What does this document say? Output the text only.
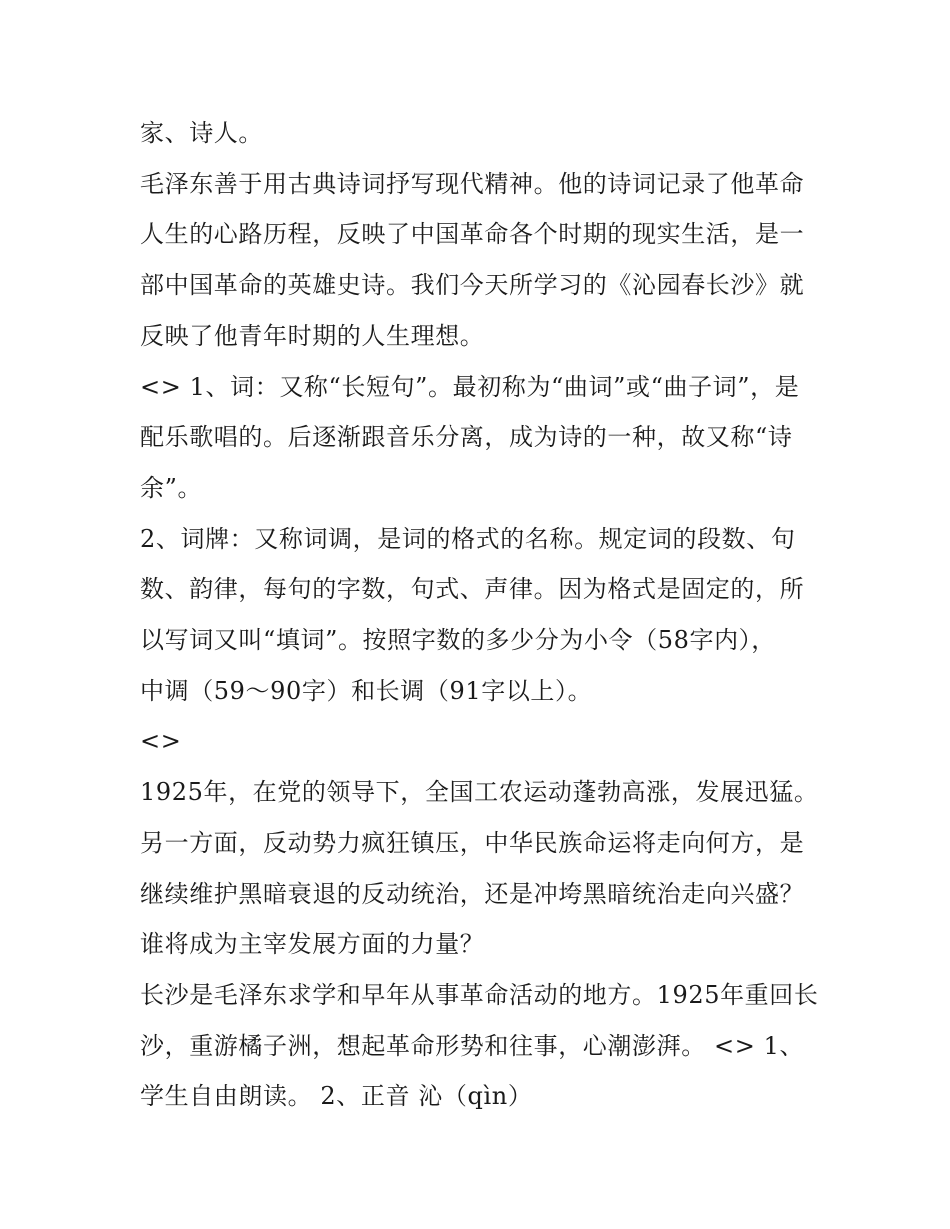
家、诗人。

毛泽东善于用古典诗词抒写现代精神。他的诗词记录了他革命人生的心路历程，反映了中国革命各个时期的现实生活，是一部中国革命的英雄史诗。我们今天所学习的《沁园春长沙》就反映了他青年时期的人生理想。

<> 1、词：又称“长短句”。最初称为“曲词”或“曲子词”，是配乐歌唱的。后逐渐跟音乐分离，成为诗的一种，故又称“诗余”。

2、词牌：又称词调，是词的格式的名称。规定词的段数、句数、韵律，每句的字数，句式、声律。因为格式是固定的，所以写词又叫“填词”。按照字数的多少分为小令（58字内），

中调（59～90字）和长调（91字以上）。

<>

1925年，在党的领导下，全国工农运动蓬勃高涨，发展迅猛。另一方面，反动势力疯狂镇压，中华民族命运将走向何方，是继续维护黑暗衰退的反动统治，还是冲垮黑暗统治走向兴盛？谁将成为主宰发展方面的力量？

长沙是毛泽东求学和早年从事革命活动的地方。1925年重回长沙，重游橘子洲，想起革命形势和往事，心潮澎湃。 <> 1、学生自由朗读。 2、正音 沁（qìn）
